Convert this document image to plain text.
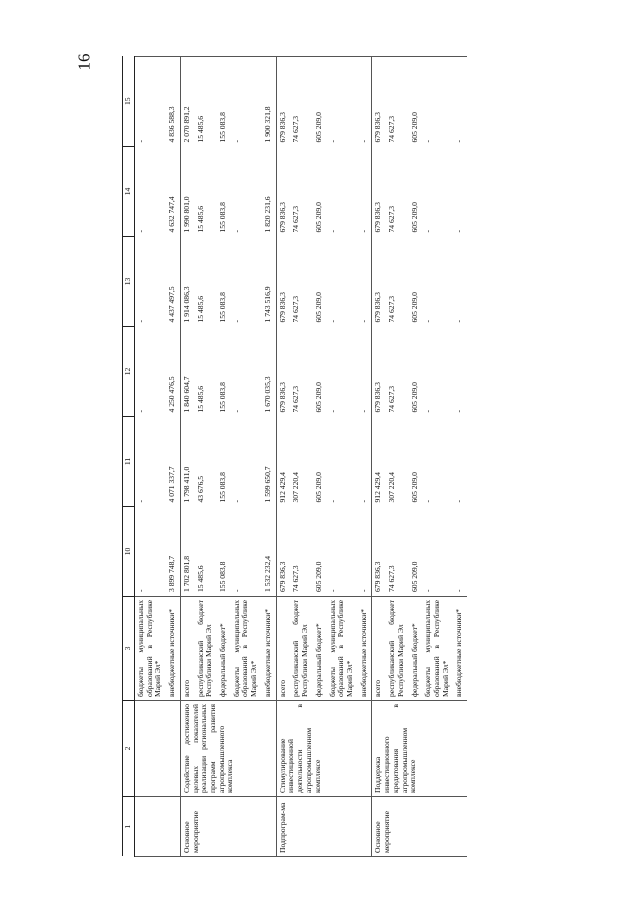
16
1	2	3	10	11	12	13	14	15
		бюджеты муниципальных образований в Республике Марий Эл*	-	-	-	-	-	-
		внебюджетные источники*	3 899 748,7	4 071 337,7	4 250 476,5	4 437 497,5	4 632 747,4	4 836 588,3
Основное мероприятие	Содействие достижению целевых показателей реализации региональных программ развития агропромышленного комплекса	всего	1 702 801,8	1 798 411,0	1 840 604,7	1 914 086,3	1 990 801,0	2 070 891,2
		республиканский бюджет Республики Марий Эл	15 485,6	43 676,5	15 485,6	15 485,6	15 485,6	15 485,6
		федеральный бюджет*	155 083,8	155 083,8	155 083,8	155 083,8	155 083,8	155 083,8
		бюджеты муниципальных образований в Республике Марий Эл*	-	-	-	-	-	-
		внебюджетные источники*	1 532 232,4	1 599 650,7	1 670 035,3	1 743 516,9	1 820 231,6	1 900 321,8
Подпрограм-ма	Стимулирование инвестиционной деятельности в агропромышленном комплексе	всего	679 836,3	912 429,4	679 836,3	679 836,3	679 836,3	679 836,3
		республиканский бюджет Республики Марий Эл	74 627,3	307 220,4	74 627,3	74 627,3	74 627,3	74 627,3
		федеральный бюджет*	605 209,0	605 209,0	605 209,0	605 209,0	605 209,0	605 209,0
		бюджеты муниципальных образований в Республике Марий Эл*	-	-	-	-	-	-
		внебюджетные источники*	-	-	-	-	-	-
Основное мероприятие	Поддержка инвестиционного кредитования в агропромышленном комплексе	всего	679 836,3	912 429,4	679 836,3	679 836,3	679 836,3	679 836,3
		республиканский бюджет Республики Марий Эл	74 627,3	307 220,4	74 627,3	74 627,3	74 627,3	74 627,3
		федеральный бюджет*	605 209,0	605 209,0	605 209,0	605 209,0	605 209,0	605 209,0
		бюджеты муниципальных образований в Республике Марий Эл*	-	-	-	-	-	-
		внебюджетные источники*	-	-	-	-	-	-
